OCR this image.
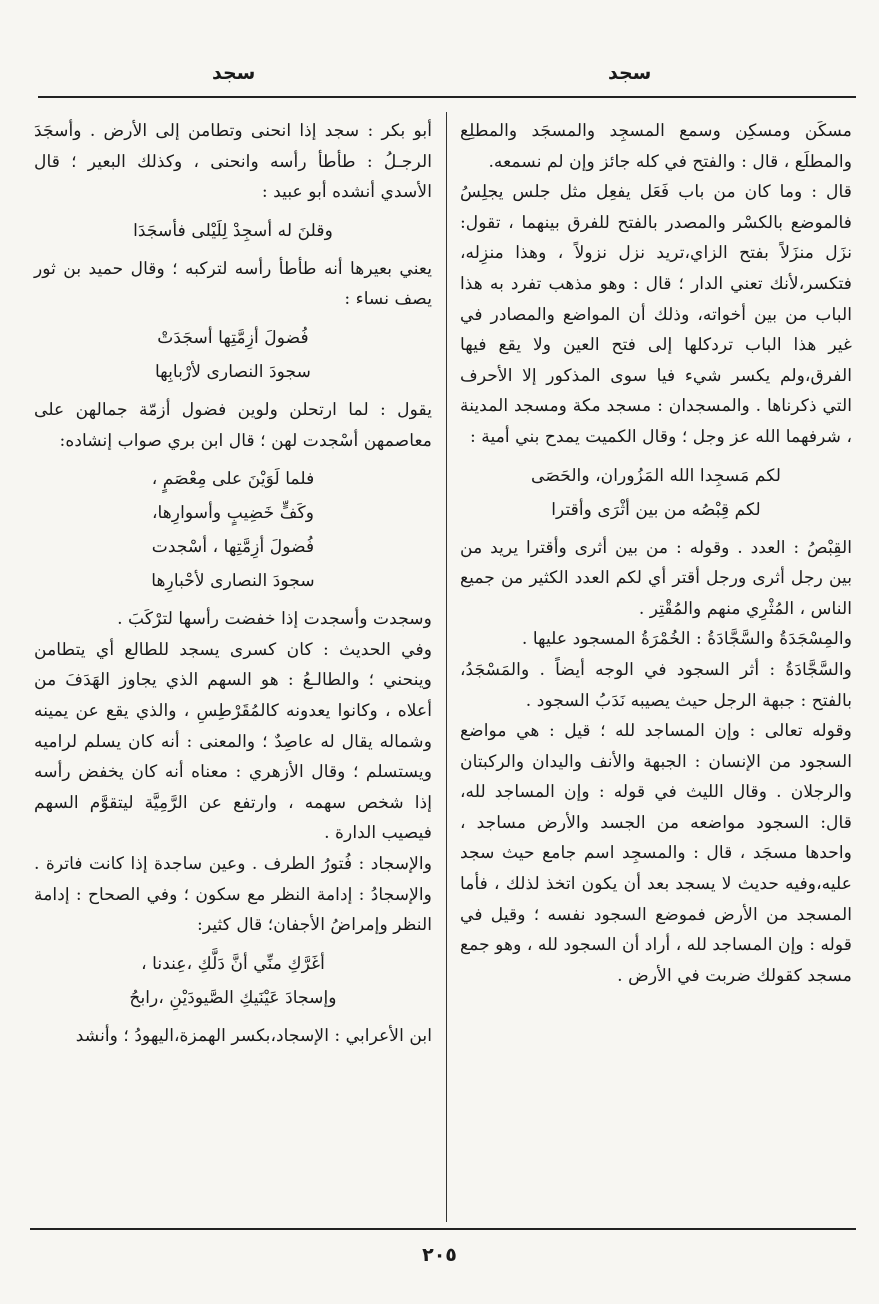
سجد
سجد

مسكَن ومسكِن وسمع المسجِد والمسجَد والمطلِع والمطلَع ، قال : والفتح في كله جائز وإن لم نسمعه.

قال : وما كان من باب فَعَل يفعِل مثل جلس يجلِسُ فالموضع بالكسْر والمصدر بالفتح للفرق بينهما ، تقول: نزَل منزَلاً بفتح الزاي،تريد نزل نزولاً ، وهذا منزِله، فتكسر،لأنك تعني الدار ؛ قال : وهو مذهب تفرد به هذا الباب من بين أخواته، وذلك أن المواضع والمصادر في غير هذا الباب تردكلها إلى فتح العين ولا يقع فيها الفرق،ولم يكسر شيء فيا سوى المذكور إلا الأحرف التي ذكرناها . والمسجدان : مسجد مكة ومسجد المدينة ، شرفهما الله عز وجل ؛ وقال الكميت يمدح بني أمية :

لكم مَسجِدا الله المَزُوران، والحَصَى
لكم قِبْصُه من بين أثْرَى وأقترا

القِبْصُ : العدد . وقوله : من بين أثرى وأقترا يريد من بين رجل أثرى ورجل أقتر أي لكم العدد الكثير من جميع الناس ، المُثْرِي منهم والمُقْتِر .

والمِسْجَدَةُ والسَّجَّادَةُ : الخُمْرَةُ المسجود عليها .

والسَّجَّادَةُ : أثر السجود في الوجه أيضاً . والمَسْجَدُ، بالفتح : جبهة الرجل حيث يصيبه نَدَبُ السجود .

وقوله تعالى : وإن المساجد لله ؛ قيل : هي مواضع السجود من الإنسان : الجبهة والأنف واليدان والركبتان والرجلان . وقال الليث في قوله : وإن المساجد لله، قال: السجود مواضعه من الجسد والأرض مساجد ، واحدها مسجَد ، قال : والمسجِد اسم جامع حيث سجد عليه،وفيه حديث لا يسجد بعد أن يكون اتخذ لذلك ، فأما المسجد من الأرض فموضع السجود نفسه ؛ وقيل في قوله : وإن المساجد لله ، أراد أن السجود لله ، وهو جمع مسجد كقولك ضربت في الأرض .

أبو بكر : سجد إذا انحنى وتطامن إلى الأرض . وأسجَدَ الرجـلُ : طأطأ رأسه وانحنى ، وكذلك البعير ؛ قال الأسدي أنشده أبو عبيد :

وقلنَ له أسجِدْ لِلَيْلى فأسجَدَا

يعني بعيرها أنه طأطأ رأسه لتركبه ؛ وقال حميد بن ثور يصف نساء :

فُضولَ أزِمَّتِها أسجَدَتْ
سجودَ النصارى لأرْبابِها

يقول : لما ارتحلن ولوين فضول أزمّة جمالهن على معاصمهن أسْجدت لهن ؛ قال ابن بري صواب إنشاده:

فلما لَوَيْنَ على مِعْصَمٍ ،
وكَفٍّ خَضِيبٍ وأسوارِها،
فُضولَ أزِمَّتِها ، أسْجدت
سجودَ النصارى لأحْبارِها

وسجدت وأسجدت إذا خفضت رأسها لترْكَبَ .

وفي الحديث : كان كسرى يسجد للطالع أي يتطامن وينحني ؛ والطالـعُ : هو السهم الذي يجاوز الهَدَفَ من أعلاه ، وكانوا يعدونه كالمُقَرْطِسِ ، والذي يقع عن يمينه وشماله يقال له عاصِدٌ ؛ والمعنى : أنه كان يسلم لراميه ويستسلم ؛ وقال الأزهري : معناه أنه كان يخفض رأسه إذا شخص سهمه ، وارتفع عن الرَّمِيَّة ليتقوَّم السهم فيصيب الدارة .

والإسجاد : فُتورُ الطرف . وعين ساجدة إذا كانت فاترة . والإسجادُ : إدامة النظر مع سكون ؛ وفي الصحاح : إدامة النظر وإمراضُ الأجفان؛ قال كثير:

أغَرَّكِ منِّي أنَّ دَلَّكِ ،عِندنا ،
وإسجادَ عَيْنَيكِ الصَّيودَيْنِ ،رابحُ

ابن الأعرابي : الإسجاد،بكسر الهمزة،اليهودُ ؛ وأنشد

٢٠٥
